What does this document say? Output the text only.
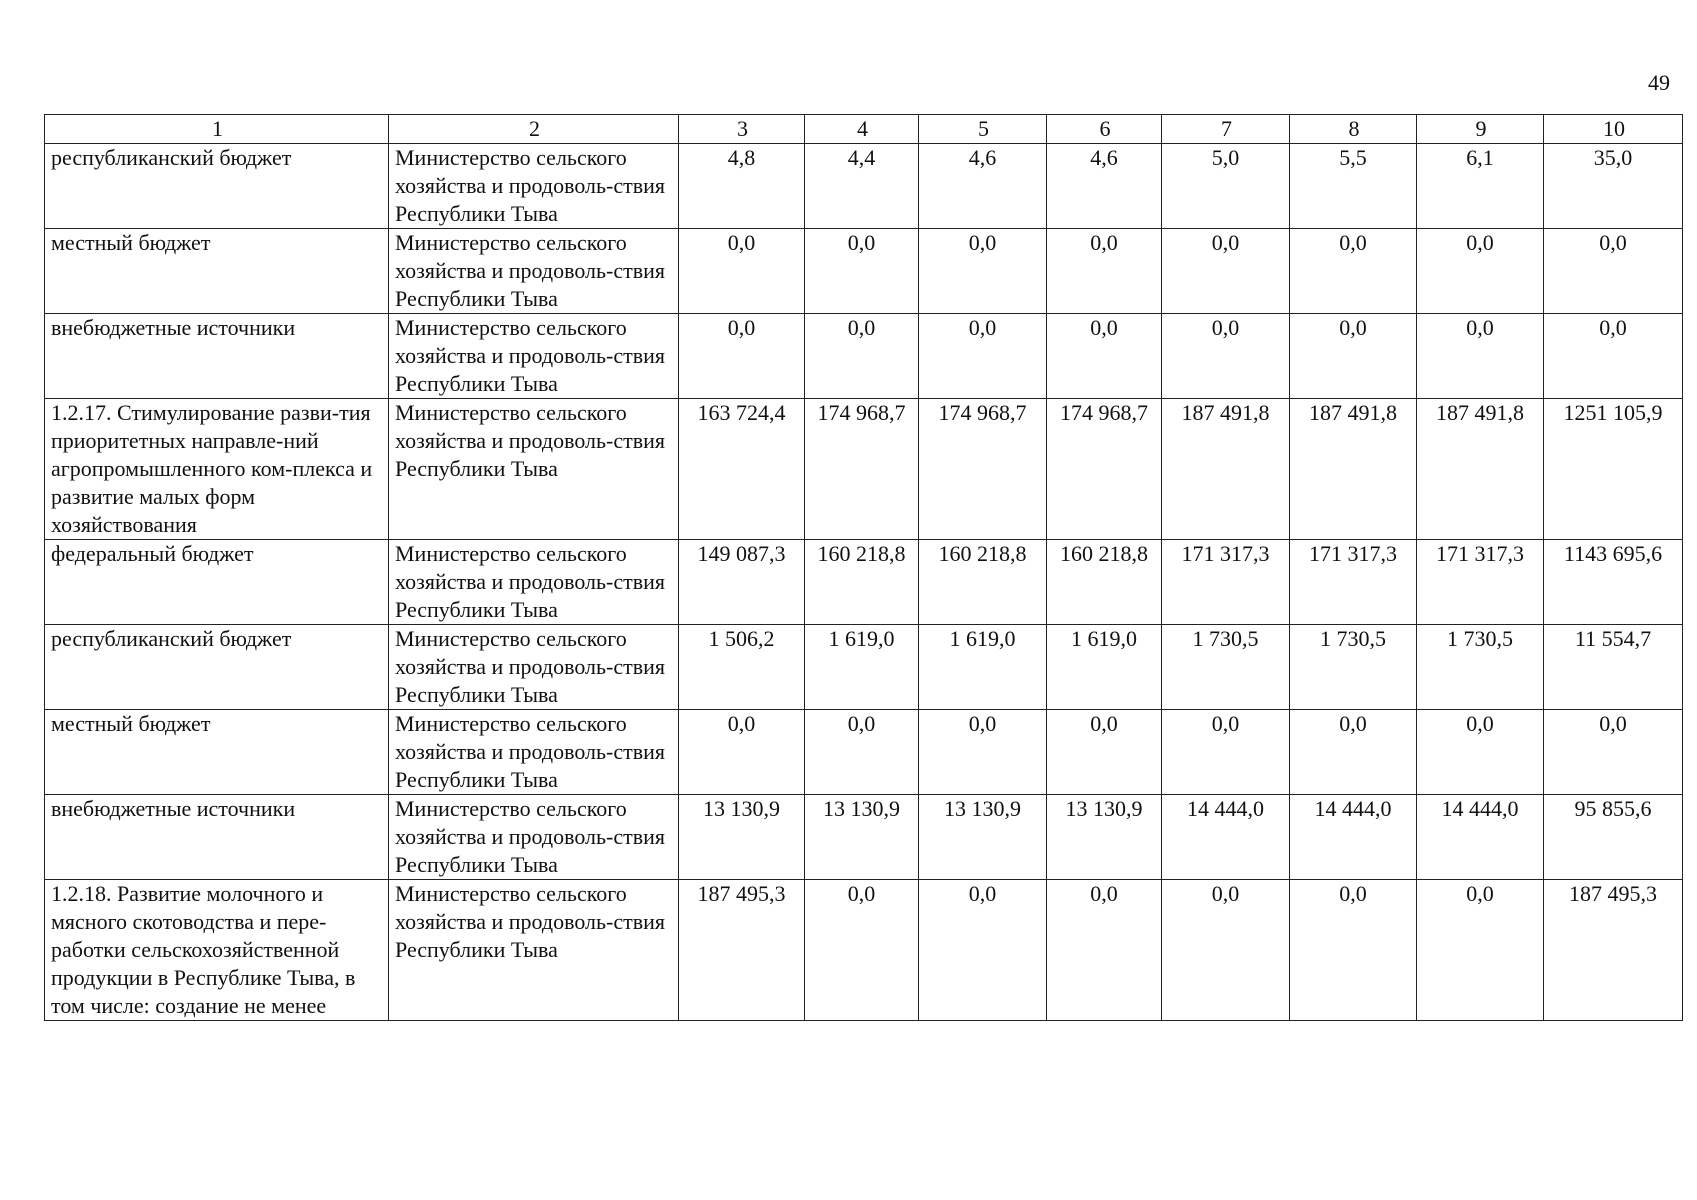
49
1	2	3	4	5	6	7	8	9	10
республиканский бюджет	Министерство сельского хозяйства и продоволь-ствия Республики Тыва	4,8	4,4	4,6	4,6	5,0	5,5	6,1	35,0
местный бюджет	Министерство сельского хозяйства и продоволь-ствия Республики Тыва	0,0	0,0	0,0	0,0	0,0	0,0	0,0	0,0
внебюджетные источники	Министерство сельского хозяйства и продоволь-ствия Республики Тыва	0,0	0,0	0,0	0,0	0,0	0,0	0,0	0,0
1.2.17. Стимулирование разви-тия приоритетных направле-ний агропромышленного ком-плекса и развитие малых форм хозяйствования	Министерство сельского хозяйства и продоволь-ствия Республики Тыва	163 724,4	174 968,7	174 968,7	174 968,7	187 491,8	187 491,8	187 491,8	1251 105,9
федеральный бюджет	Министерство сельского хозяйства и продоволь-ствия Республики Тыва	149 087,3	160 218,8	160 218,8	160 218,8	171 317,3	171 317,3	171 317,3	1143 695,6
республиканский бюджет	Министерство сельского хозяйства и продоволь-ствия Республики Тыва	1 506,2	1 619,0	1 619,0	1 619,0	1 730,5	1 730,5	1 730,5	11 554,7
местный бюджет	Министерство сельского хозяйства и продоволь-ствия Республики Тыва	0,0	0,0	0,0	0,0	0,0	0,0	0,0	0,0
внебюджетные источники	Министерство сельского хозяйства и продоволь-ствия Республики Тыва	13 130,9	13 130,9	13 130,9	13 130,9	14 444,0	14 444,0	14 444,0	95 855,6
1.2.18. Развитие молочного и мясного скотоводства и пере-работки сельскохозяйственной продукции в Республике Тыва, в том числе: создание не менее	Министерство сельского хозяйства и продоволь-ствия Республики Тыва	187 495,3	0,0	0,0	0,0	0,0	0,0	0,0	187 495,3
